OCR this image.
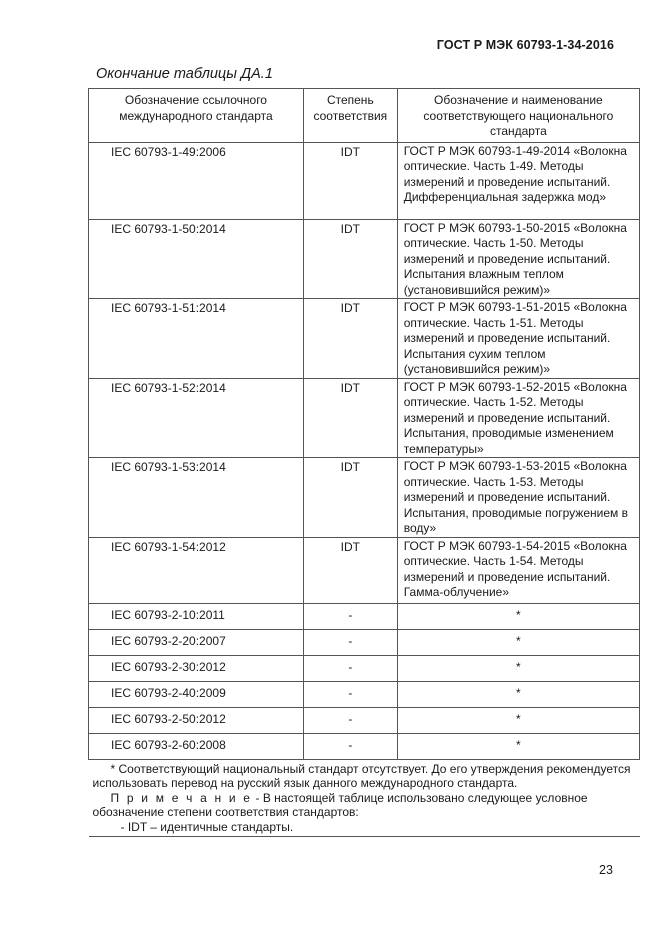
ГОСТ Р МЭК 60793-1-34-2016
Окончание таблицы ДА.1
Обозначение ссылочного международного стандарта	Степень соответствия	Обозначение и наименование соответствующего национального стандарта
IEC 60793-1-49:2006	IDT	ГОСТ Р МЭК 60793-1-49-2014 «Волокна оптические. Часть 1-49. Методы измерений и проведение испытаний. Дифференциальная задержка мод»
IEC 60793-1-50:2014	IDT	ГОСТ Р МЭК 60793-1-50-2015 «Волокна оптические. Часть 1-50. Методы измерений и проведение испытаний. Испытания влажным теплом (установившийся режим)»
IEC 60793-1-51:2014	IDT	ГОСТ Р МЭК 60793-1-51-2015 «Волокна оптические. Часть 1-51. Методы измерений и проведение испытаний. Испытания сухим теплом (установившийся режим)»
IEC 60793-1-52:2014	IDT	ГОСТ Р МЭК 60793-1-52-2015 «Волокна оптические. Часть 1-52. Методы измерений и проведение испытаний. Испытания, проводимые изменением температуры»
IEC 60793-1-53:2014	IDT	ГОСТ Р МЭК 60793-1-53-2015 «Волокна оптические. Часть 1-53. Методы измерений и проведение испытаний. Испытания, проводимые погружением в воду»
IEC 60793-1-54:2012	IDT	ГОСТ Р МЭК 60793-1-54-2015 «Волокна оптические. Часть 1-54. Методы измерений и проведение испытаний. Гамма-облучение»
IEC 60793-2-10:2011	-	*
IEC 60793-2-20:2007	-	*
IEC 60793-2-30:2012	-	*
IEC 60793-2-40:2009	-	*
IEC 60793-2-50:2012	-	*
IEC 60793-2-60:2008	-	*

* Соответствующий национальный стандарт отсутствует. До его утверждения рекомендуется использовать перевод на русский язык данного международного стандарта.
П р и м е ч а н и е - В настоящей таблице использовано следующее условное обозначение степени соответствия стандартов:
- IDT – идентичные стандарты.		
23
